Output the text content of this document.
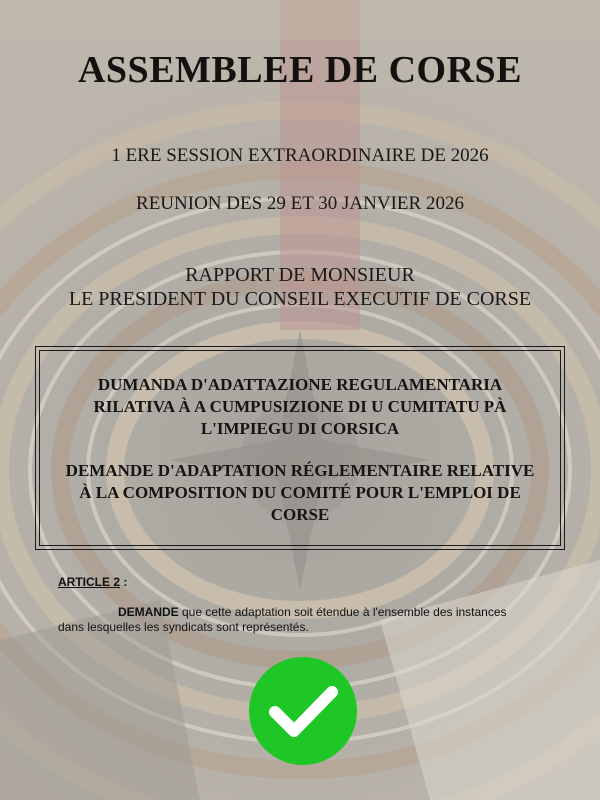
ASSEMBLEE DE CORSE
1 ERE SESSION EXTRAORDINAIRE DE 2026
REUNION DES 29 ET 30 JANVIER 2026
RAPPORT DE MONSIEUR
LE PRESIDENT DU CONSEIL EXECUTIF DE CORSE
DUMANDA D'ADATTAZIONE REGULAMENTARIA
RILATIVA À A CUMPUSIZIONE DI U CUMITATU PÀ
L'IMPIEGU DI CORSICA
DEMANDE D'ADAPTATION RÉGLEMENTAIRE RELATIVE
À LA COMPOSITION DU COMITÉ POUR L'EMPLOI DE
CORSE
ARTICLE 2 :
DEMANDE que cette adaptation soit étendue à l'ensemble des instances
dans lesquelles les syndicats sont représentés.
